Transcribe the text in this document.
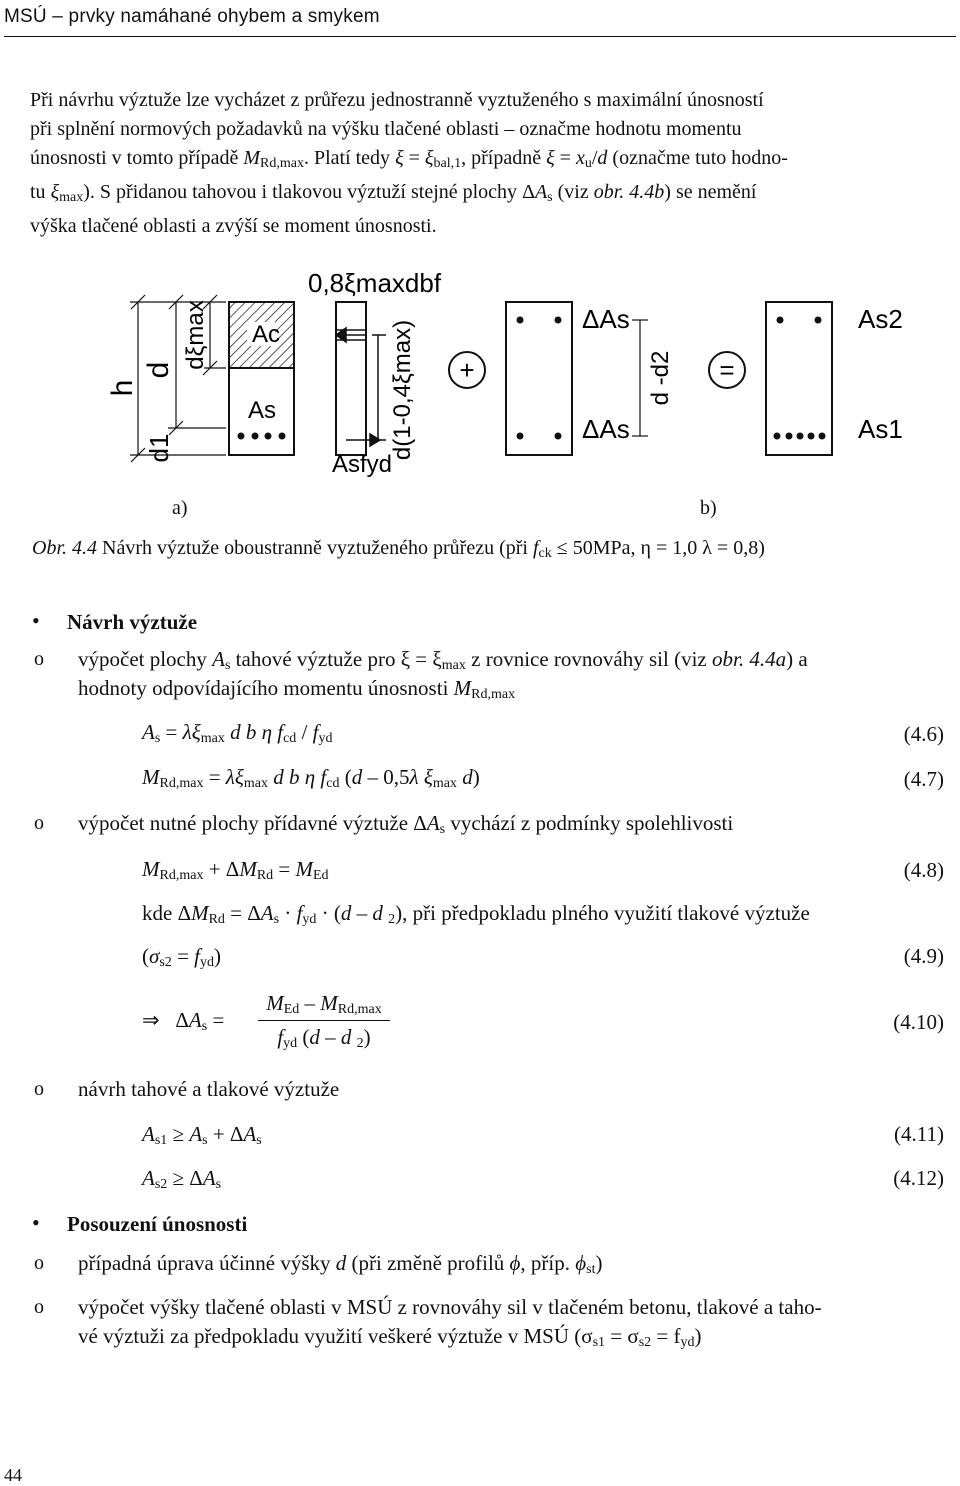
MSÚ – prvky namáhané ohybem a smykem
Při návrhu výztuže lze vycházet z průřezu jednostranně vyztuženého s maximální únosností
při splnění normových požadavků na výšku tlačené oblasti – označme hodnotu momentu
únosnosti v tomto případě $M_{Rd,max}$. Platí tedy $\xi = \xi_{bal,1}$, případně $\xi = x_u/d$ (označme tuto hodno-
tu $\xi_{max}$). S přidanou tahovou i tlakovou výztuží stejné plochy $\Delta A_s$ (viz obr. 4.4b) se nemění
výška tlačené oblasti a zvýší se moment únosnosti.
h
d
d1
dξmax Ac
As
0,8ξmaxdbf
d(1-0,4ξmax)
Asfyd
+
ΔAs
ΔAs
d -d2 =
As2
As1
a)	b)
Obr. 4.4 Návrh výztuže oboustranně vyztuženého průřezu (při $f_{ck} \le 50MPa$, η = 1,0 λ = 0,8)
• Návrh výztuže
o výpočet plochy $A_s$ tahové výztuže pro $\xi = \xi_{max}$ z rovnice rovnováhy sil (viz obr. 4.4a) a
hodnoty odpovídajícího momentu únosnosti $M_{Rd,max}$
$A_s = \lambda\xi_{max}$ d b η $f_{cd} / f_{yd}$	(4.6)
$M_{Rd,max} = \lambda\xi_{max}$ d b η $f_{cd}$ (d – 0,5λ $\xi_{max}$ d)	(4.7)
o výpočet nutné plochy přídavné výztuže $\Delta A_s$ vychází z podmínky spolehlivosti
$M_{Rd,max} + \Delta M_{Rd} = M_{Ed}$	(4.8)
kde $\Delta M_{Rd} = \Delta A_s \cdot f_{yd} \cdot (d - d$ $_2$), při předpokladu plného využití tlakové výztuže
$(\sigma_{s2} = f_{yd})$	(4.9)
⇒   $\Delta A_s$ =
$M_{Ed} - M_{Rd,max}$
$f_{yd}$ (d – d $_2$)
(4.10)
o návrh tahové a tlakové výztuže
$A_{s1} \ge A_s + \Delta A_s$	(4.11)
$A_{s2} \ge \Delta A_s$	(4.12)
• Posouzení únosnosti
o případná úprava účinné výšky d (při změně profilů ϕ, příp. $\phi_{st}$)
o výpočet výšky tlačené oblasti v MSÚ z rovnováhy sil v tlačeném betonu, tlakové a taho-
vé výztuži za předpokladu využití veškeré výztuže v MSÚ $(\sigma_{s1} = \sigma_{s2} = f_{yd})$
44
